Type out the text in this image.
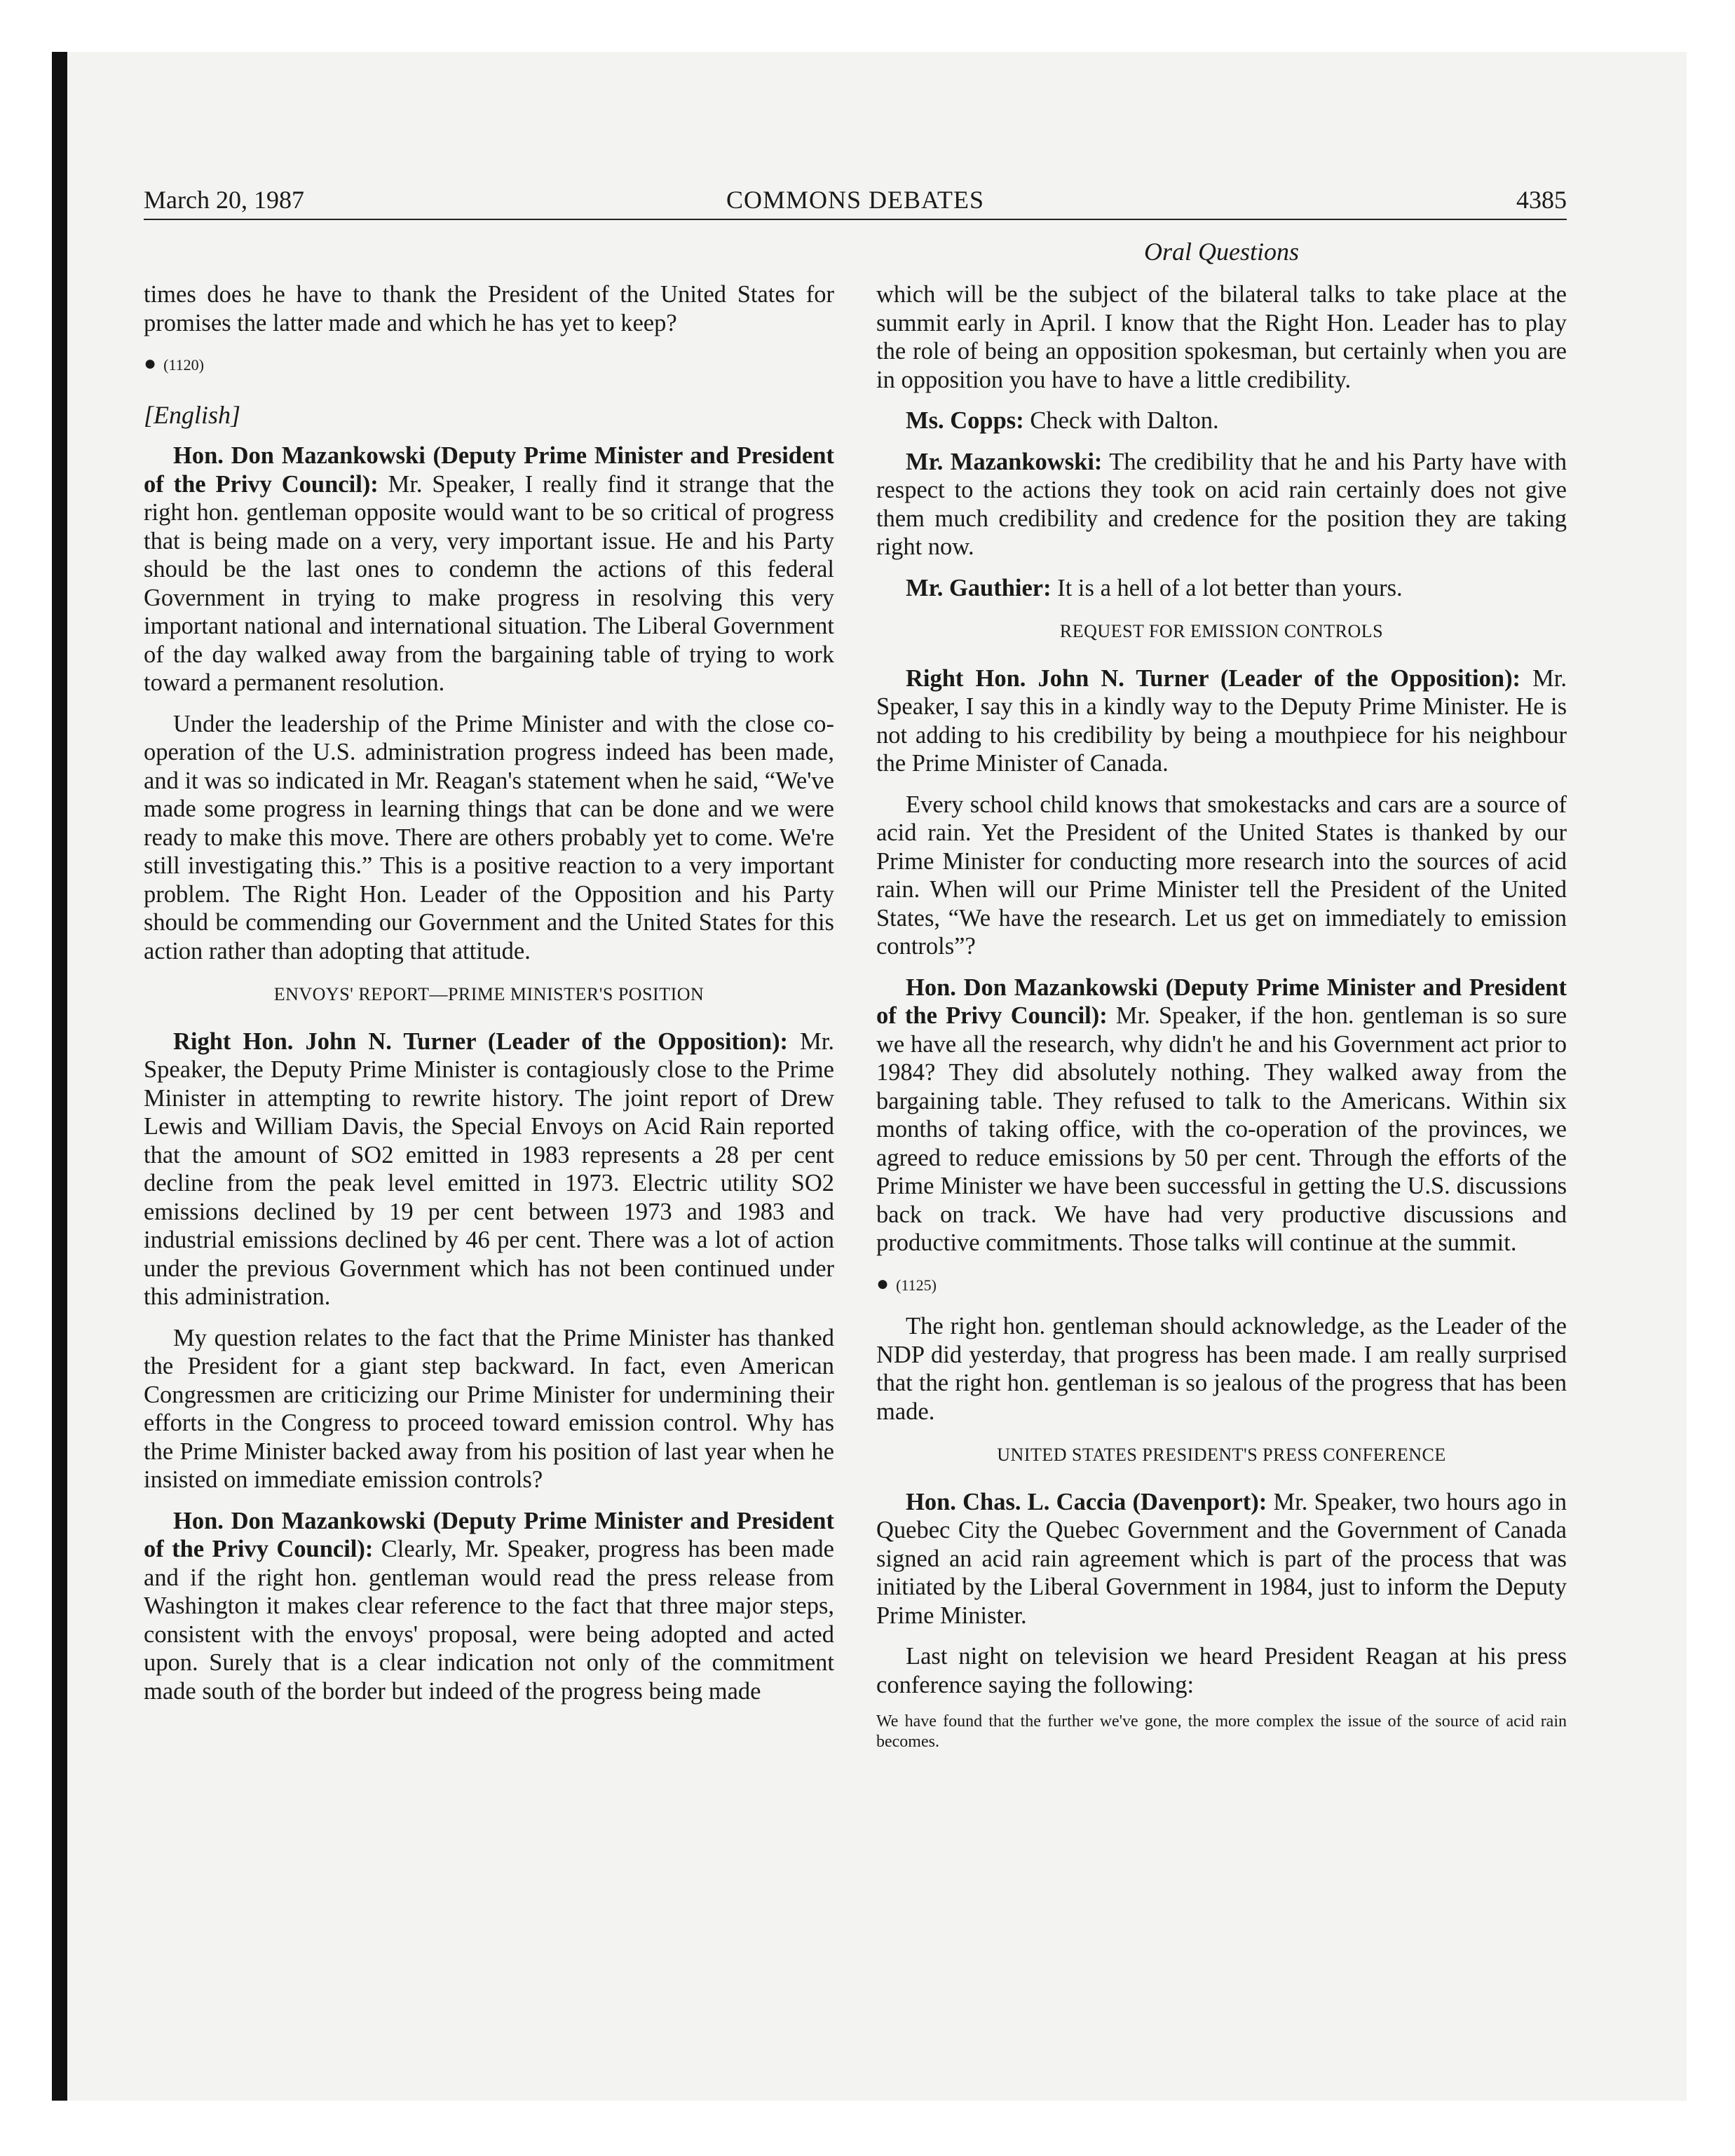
March 20, 1987	COMMONS DEBATES	4385
Oral Questions

times does he have to thank the President of the United States for promises the latter made and which he has yet to keep?

● (1120)
[English]

Hon. Don Mazankowski (Deputy Prime Minister and President of the Privy Council): Mr. Speaker, I really find it strange that the right hon. gentleman opposite would want to be so critical of progress that is being made on a very, very important issue. He and his Party should be the last ones to condemn the actions of this federal Government in trying to make progress in resolving this very important national and international situation. The Liberal Government of the day walked away from the bargaining table of trying to work toward a permanent resolution.

Under the leadership of the Prime Minister and with the close co-operation of the U.S. administration progress indeed has been made, and it was so indicated in Mr. Reagan's statement when he said, “We've made some progress in learning things that can be done and we were ready to make this move. There are others probably yet to come. We're still investigating this.” This is a positive reaction to a very important problem. The Right Hon. Leader of the Opposition and his Party should be commending our Government and the United States for this action rather than adopting that attitude.

ENVOYS' REPORT—PRIME MINISTER'S POSITION

Right Hon. John N. Turner (Leader of the Opposition): Mr. Speaker, the Deputy Prime Minister is contagiously close to the Prime Minister in attempting to rewrite history. The joint report of Drew Lewis and William Davis, the Special Envoys on Acid Rain reported that the amount of SO2 emitted in 1983 represents a 28 per cent decline from the peak level emitted in 1973. Electric utility SO2 emissions declined by 19 per cent between 1973 and 1983 and industrial emissions declined by 46 per cent. There was a lot of action under the previous Government which has not been continued under this administration.

My question relates to the fact that the Prime Minister has thanked the President for a giant step backward. In fact, even American Congressmen are criticizing our Prime Minister for undermining their efforts in the Congress to proceed toward emission control. Why has the Prime Minister backed away from his position of last year when he insisted on immediate emission controls?

Hon. Don Mazankowski (Deputy Prime Minister and President of the Privy Council): Clearly, Mr. Speaker, progress has been made and if the right hon. gentleman would read the press release from Washington it makes clear reference to the fact that three major steps, consistent with the envoys' proposal, were being adopted and acted upon. Surely that is a clear indication not only of the commitment made south of the border but indeed of the progress being made

which will be the subject of the bilateral talks to take place at the summit early in April. I know that the Right Hon. Leader has to play the role of being an opposition spokesman, but certainly when you are in opposition you have to have a little credibility.

Ms. Copps: Check with Dalton.

Mr. Mazankowski: The credibility that he and his Party have with respect to the actions they took on acid rain certainly does not give them much credibility and credence for the position they are taking right now.

Mr. Gauthier: It is a hell of a lot better than yours.

REQUEST FOR EMISSION CONTROLS

Right Hon. John N. Turner (Leader of the Opposition): Mr. Speaker, I say this in a kindly way to the Deputy Prime Minister. He is not adding to his credibility by being a mouthpiece for his neighbour the Prime Minister of Canada.

Every school child knows that smokestacks and cars are a source of acid rain. Yet the President of the United States is thanked by our Prime Minister for conducting more research into the sources of acid rain. When will our Prime Minister tell the President of the United States, “We have the research. Let us get on immediately to emission controls”?

Hon. Don Mazankowski (Deputy Prime Minister and President of the Privy Council): Mr. Speaker, if the hon. gentleman is so sure we have all the research, why didn't he and his Government act prior to 1984? They did absolutely nothing. They walked away from the bargaining table. They refused to talk to the Americans. Within six months of taking office, with the co-operation of the provinces, we agreed to reduce emissions by 50 per cent. Through the efforts of the Prime Minister we have been successful in getting the U.S. discussions back on track. We have had very productive discussions and productive commitments. Those talks will continue at the summit.

● (1125)

The right hon. gentleman should acknowledge, as the Leader of the NDP did yesterday, that progress has been made. I am really surprised that the right hon. gentleman is so jealous of the progress that has been made.

UNITED STATES PRESIDENT'S PRESS CONFERENCE

Hon. Chas. L. Caccia (Davenport): Mr. Speaker, two hours ago in Quebec City the Quebec Government and the Government of Canada signed an acid rain agreement which is part of the process that was initiated by the Liberal Government in 1984, just to inform the Deputy Prime Minister.

Last night on television we heard President Reagan at his press conference saying the following:

We have found that the further we've gone, the more complex the issue of the source of acid rain becomes.
